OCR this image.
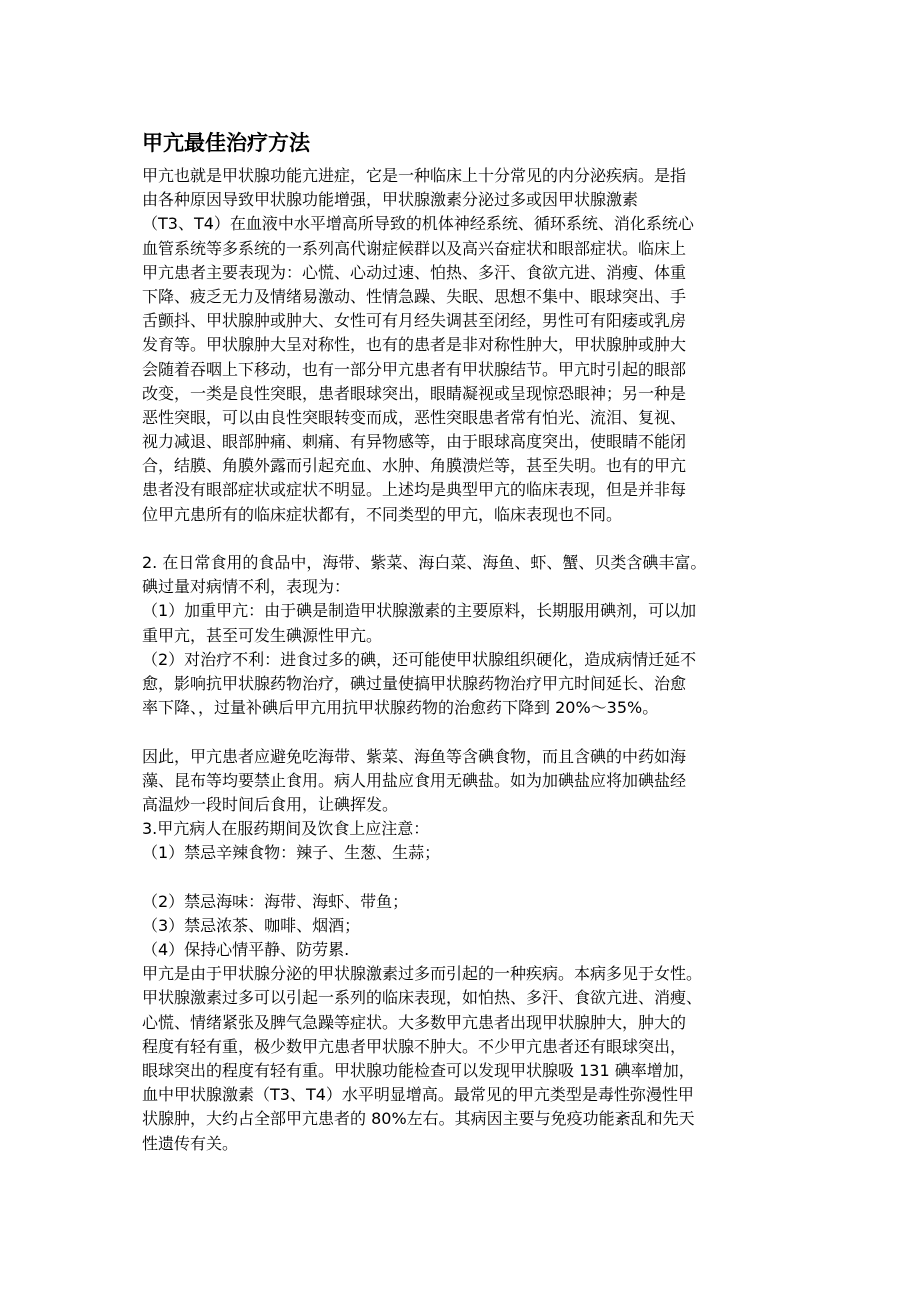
甲亢最佳治疗方法
甲亢也就是甲状腺功能亢进症，它是一种临床上十分常见的内分泌疾病。是指
由各种原因导致甲状腺功能增强，甲状腺激素分泌过多或因甲状腺激素
（T3、T4）在血液中水平增高所导致的机体神经系统、循环系统、消化系统心
血管系统等多系统的一系列高代谢症候群以及高兴奋症状和眼部症状。临床上
甲亢患者主要表现为：心慌、心动过速、怕热、多汗、食欲亢进、消瘦、体重
下降、疲乏无力及情绪易激动、性情急躁、失眠、思想不集中、眼球突出、手
舌颤抖、甲状腺肿或肿大、女性可有月经失调甚至闭经，男性可有阳痿或乳房
发育等。甲状腺肿大呈对称性，也有的患者是非对称性肿大，甲状腺肿或肿大
会随着吞咽上下移动，也有一部分甲亢患者有甲状腺结节。甲亢时引起的眼部
改变，一类是良性突眼，患者眼球突出，眼睛凝视或呈现惊恐眼神；另一种是
恶性突眼，可以由良性突眼转变而成，恶性突眼患者常有怕光、流泪、复视、
视力减退、眼部肿痛、刺痛、有异物感等，由于眼球高度突出，使眼睛不能闭
合，结膜、角膜外露而引起充血、水肿、角膜溃烂等，甚至失明。也有的甲亢
患者没有眼部症状或症状不明显。上述均是典型甲亢的临床表现，但是并非每
位甲亢患所有的临床症状都有，不同类型的甲亢，临床表现也不同。
2. 在日常食用的食品中，海带、紫菜、海白菜、海鱼、虾、蟹、贝类含碘丰富。
碘过量对病情不利，表现为：
（1）加重甲亢：由于碘是制造甲状腺激素的主要原料，长期服用碘剂，可以加
重甲亢，甚至可发生碘源性甲亢。
（2）对治疗不利：进食过多的碘，还可能使甲状腺组织硬化，造成病情迁延不
愈，影响抗甲状腺药物治疗，碘过量使搞甲状腺药物治疗甲亢时间延长、治愈
率下降、，过量补碘后甲亢用抗甲状腺药物的治愈药下降到 20%～35%。
因此，甲亢患者应避免吃海带、紫菜、海鱼等含碘食物，而且含碘的中药如海
藻、昆布等均要禁止食用。病人用盐应食用无碘盐。如为加碘盐应将加碘盐经
高温炒一段时间后食用，让碘挥发。
3.甲亢病人在服药期间及饮食上应注意：
（1）禁忌辛辣食物：辣子、生葱、生蒜；
（2）禁忌海味：海带、海虾、带鱼；
（3）禁忌浓茶、咖啡、烟酒；
（4）保持心情平静、防劳累.
甲亢是由于甲状腺分泌的甲状腺激素过多而引起的一种疾病。本病多见于女性。
甲状腺激素过多可以引起一系列的临床表现，如怕热、多汗、食欲亢进、消瘦、
心慌、情绪紧张及脾气急躁等症状。大多数甲亢患者出现甲状腺肿大，肿大的
程度有轻有重，极少数甲亢患者甲状腺不肿大。不少甲亢患者还有眼球突出，
眼球突出的程度有轻有重。甲状腺功能检查可以发现甲状腺吸 131 碘率增加，
血中甲状腺激素（T3、T4）水平明显增高。最常见的甲亢类型是毒性弥漫性甲
状腺肿，大约占全部甲亢患者的 80%左右。其病因主要与免疫功能紊乱和先天
性遗传有关。
